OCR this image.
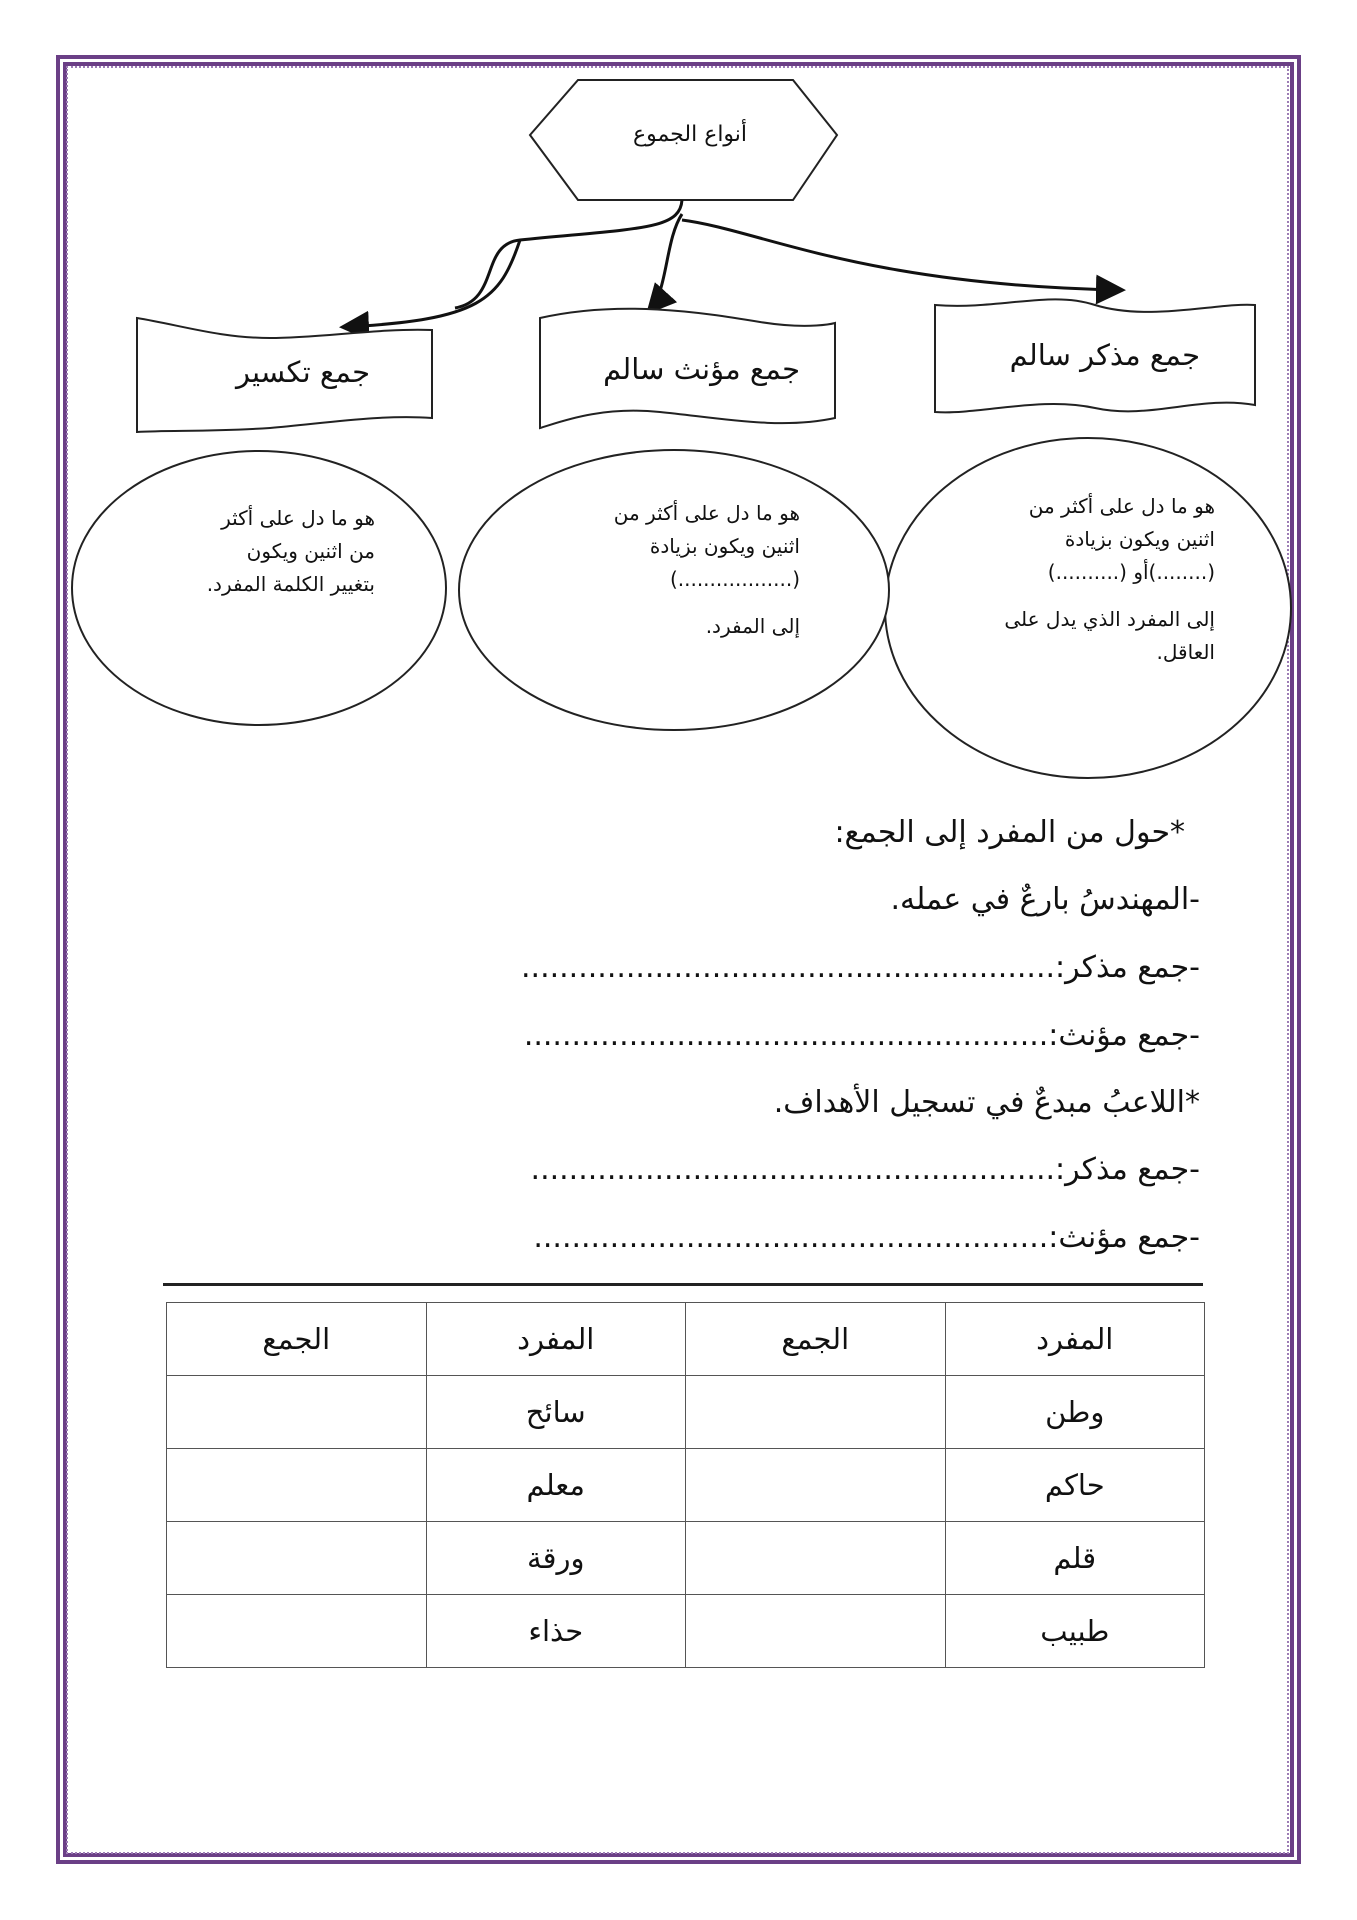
أنواع الجموع
جمع مذكر سالم
جمع مؤنث سالم
جمع تكسير

هو ما دل على أكثر من

اثنين ويكون بزيادة

(........)أو (..........)

إلى المفرد الذي يدل على

العاقل.

هو ما دل على أكثر من

اثنين ويكون بزيادة

(..................)

إلى المفرد.

هو ما دل على أكثر

من اثنين ويكون

بتغيير الكلمة المفرد.

*حول من المفرد إلى الجمع:
-المهندسُ بارعٌ في عمله.
-جمع مذكر:........................................................
-جمع مؤنث:.......................................................
*اللاعبُ مبدعٌ في تسجيل الأهداف.
-جمع مذكر:.......................................................
-جمع مؤنث:......................................................
المفرد	الجمع	المفرد	الجمع
وطن		سائح	
حاكم		معلم	
قلم		ورقة	
طبيب		حذاء	
